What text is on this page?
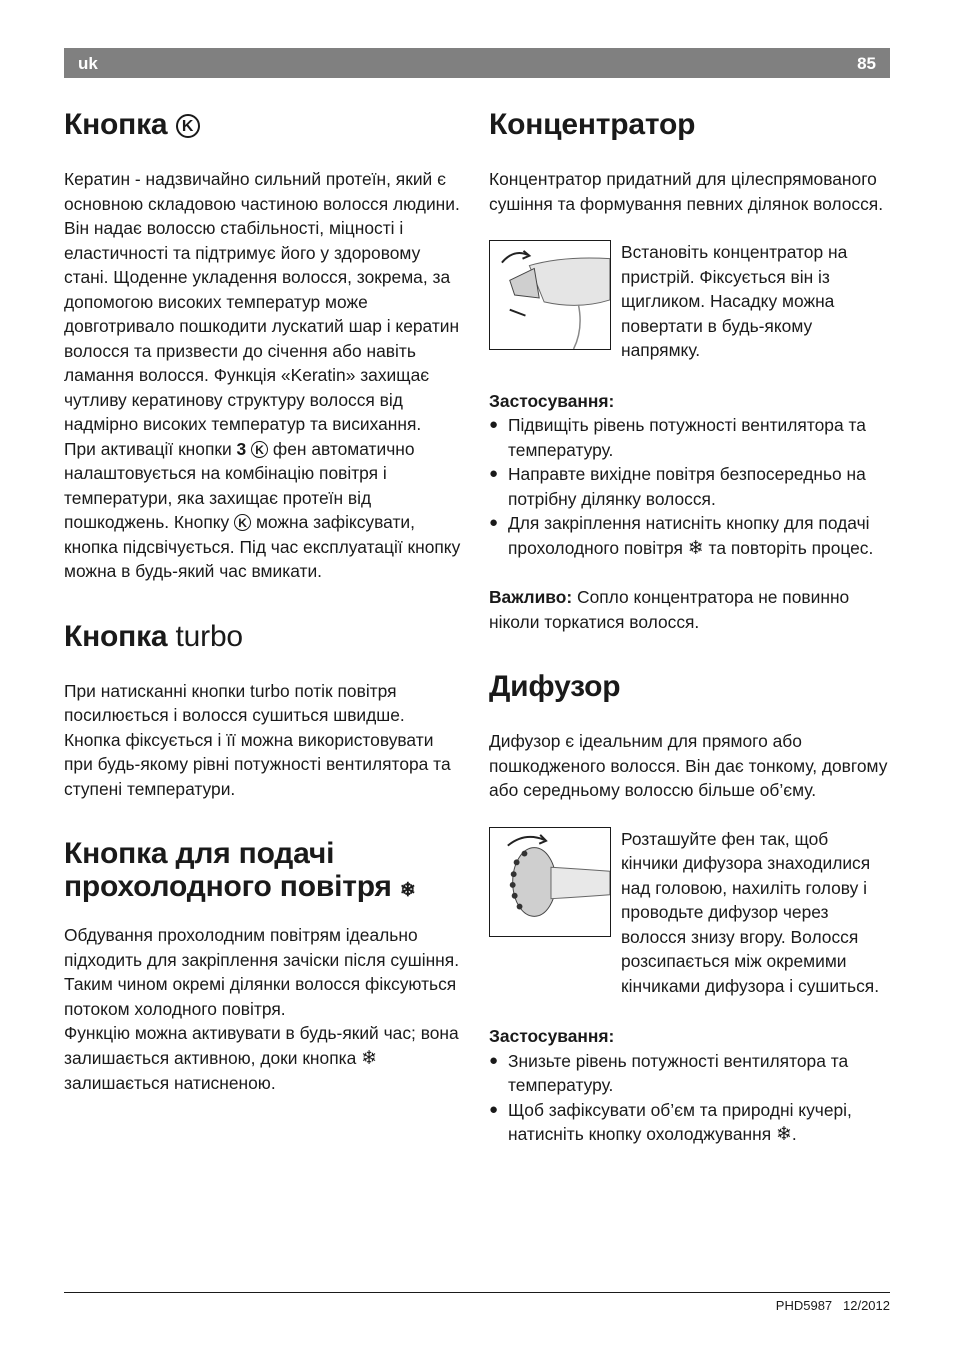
uk	85
Кнопка K

Кератин - надзвичайно сильний протеїн, який є основною складовою частиною волосся людини. Він надає волоссю стабільності, міцності і еластичності та підтримує його у здоровому стані. Щоденне укладення волосся, зокрема, за допомогою високих температур може довготривало пошкодити лускатий шар і кератин волосся та призвести до січення або навіть ламання волосся. Функція «Keratin» захищає чутливу кератинову структуру волосся від надмірно високих температур та висихання.

При активації кнопки 3 K фен автоматично налаштовується на комбінацію повітря і температури, яка захищає протеїн від пошкоджень. Кнопку K можна зафіксувати, кнопка підсвічується. Під час експлуатації кнопку можна в будь-який час вмикати.

Кнопка turbo

При натисканні кнопки turbo потік повітря посилюється і волосся сушиться швидше. Кнопка фіксується і її можна використовувати при будь-якому рівні потужності вентилятора та ступені температури.

Кнопка для подачі прохолодного повітря ❄

Обдування прохолодним повітрям ідеально підходить для закріплення зачіски після сушіння. Таким чином окремі ділянки волосся фіксуються потоком холодного повітря.

Функцію можна активувати в будь-який час; вона залишається активною, доки кнопка ❄ залишається натисненою.

Концентратор

Концентратор придатний для цілеспрямованого сушіння та формування певних ділянок волосся.

Встановіть концентратор на пристрій. Фіксується він із щигликом. Насадку можна повертати в будь-якому напрямку.

Застосування:

● Підвищіть рівень потужності вентилятора та температуру.
● Направте вихідне повітря безпосередньо на потрібну ділянку волосся.
● Для закріплення натисніть кнопку для подачі прохолодного повітря ❄ та повторіть процес.

Важливо: Сопло концентратора не повинно ніколи торкатися волосся.

Дифузор

Дифузор є ідеальним для прямого або пошкодженого волосся. Він дає тонкому, довгому або середньому волоссю більше об’єму.

Розташуйте фен так, щоб кінчики дифузора знаходилися над головою, нахиліть голову і проводьте дифузор через волосся знизу вгору. Волосся розсипається між окремими кінчиками дифузора і сушиться.

Застосування:

● Знизьте рівень потужності вентилятора та температуру.
● Щоб зафіксувати об’єм та природні кучері, натисніть кнопку охолоджування ❄.
PHD5987 12/2012
